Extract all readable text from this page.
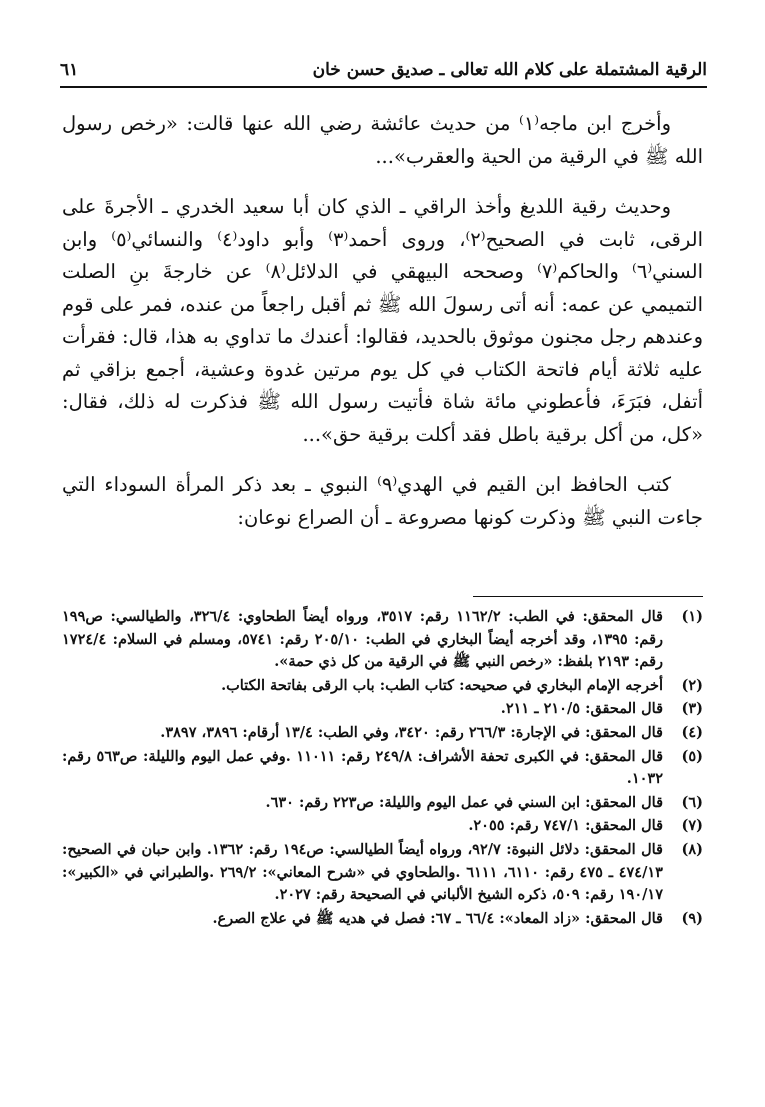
الرقية المشتملة على كلام الله تعالى ـ صديق حسن خان
٦١

وأخرج ابن ماجه⁽١⁾ من حديث عائشة رضي الله عنها قالت: «رخص رسول الله ﷺ في الرقية من الحية والعقرب»...

وحديث رقية اللديغ وأخذ الراقي ـ الذي كان أبا سعيد الخدري ـ الأجرةَ على الرقى، ثابت في الصحيح⁽٢⁾، وروى أحمد⁽٣⁾ وأبو داود⁽٤⁾ والنسائي⁽٥⁾ وابن السني⁽٦⁾ والحاكم⁽٧⁾ وصححه البيهقي في الدلائل⁽٨⁾ عن خارجةَ بنِ الصلت التميمي عن عمه: أنه أتى رسولَ الله ﷺ ثم أقبل راجعاً من عنده، فمر على قوم وعندهم رجل مجنون موثوق بالحديد، فقالوا: أعندك ما تداوي به هذا، قال: فقرأت عليه ثلاثة أيام فاتحة الكتاب في كل يوم مرتين غدوة وعشية، أجمع بزاقي ثم أتفل، فبَرَءَ، فأعطوني مائة شاة فأتيت رسول الله ﷺ فذكرت له ذلك، فقال: «كل، من أكل برقية باطل فقد أكلت برقية حق»...

كتب الحافظ ابن القيم في الهدي⁽٩⁾ النبوي ـ بعد ذكر المرأة السوداء التي جاءت النبي ﷺ وذكرت كونها مصروعة ـ أن الصراع نوعان:

(١)
قال المحقق: في الطب: ١١٦٢/٢ رقم: ٣٥١٧، ورواه أيضاً الطحاوي: ٣٢٦/٤، والطيالسي: ص١٩٩ رقم: ١٣٩٥، وقد أخرجه أيضاً البخاري في الطب: ٢٠٥/١٠ رقم: ٥٧٤١، ومسلم في السلام: ١٧٢٤/٤ رقم: ٢١٩٣ بلفظ: «رخص النبي ﷺ في الرقية من كل ذي حمة».
(٢)
أخرجه الإمام البخاري في صحيحه: كتاب الطب: باب الرقى بفاتحة الكتاب.
(٣)
قال المحقق: ٢١٠/٥ ـ ٢١١.
(٤)
قال المحقق: في الإجارة: ٢٦٦/٣ رقم: ٣٤٢٠، وفي الطب: ١٣/٤ أرقام: ٣٨٩٦، ٣٨٩٧.
(٥)
قال المحقق: في الكبرى تحفة الأشراف: ٢٤٩/٨ رقم: ١١٠١١ .وفي عمل اليوم والليلة: ص٥٦٣ رقم: ١٠٣٢.
(٦)
قال المحقق: ابن السني في عمل اليوم والليلة: ص٢٢٣ رقم: ٦٣٠.
(٧)
قال المحقق: ٧٤٧/١ رقم: ٢٠٥٥.
(٨)
قال المحقق: دلائل النبوة: ٩٢/٧، ورواه أيضاً الطيالسي: ص١٩٤ رقم: ١٣٦٢. وابن حبان في الصحيح: ٤٧٤/١٣ ـ ٤٧٥ رقم: ٦١١٠، ٦١١١ .والطحاوي في «شرح المعاني»: ٢٦٩/٢ .والطبراني في «الكبير»: ١٩٠/١٧ رقم: ٥٠٩، ذكره الشيخ الألباني في الصحيحة رقم: ٢٠٢٧.
(٩)
قال المحقق: «زاد المعاد»: ٦٦/٤ ـ ٦٧: فصل في هديه ﷺ في علاج الصرع.
